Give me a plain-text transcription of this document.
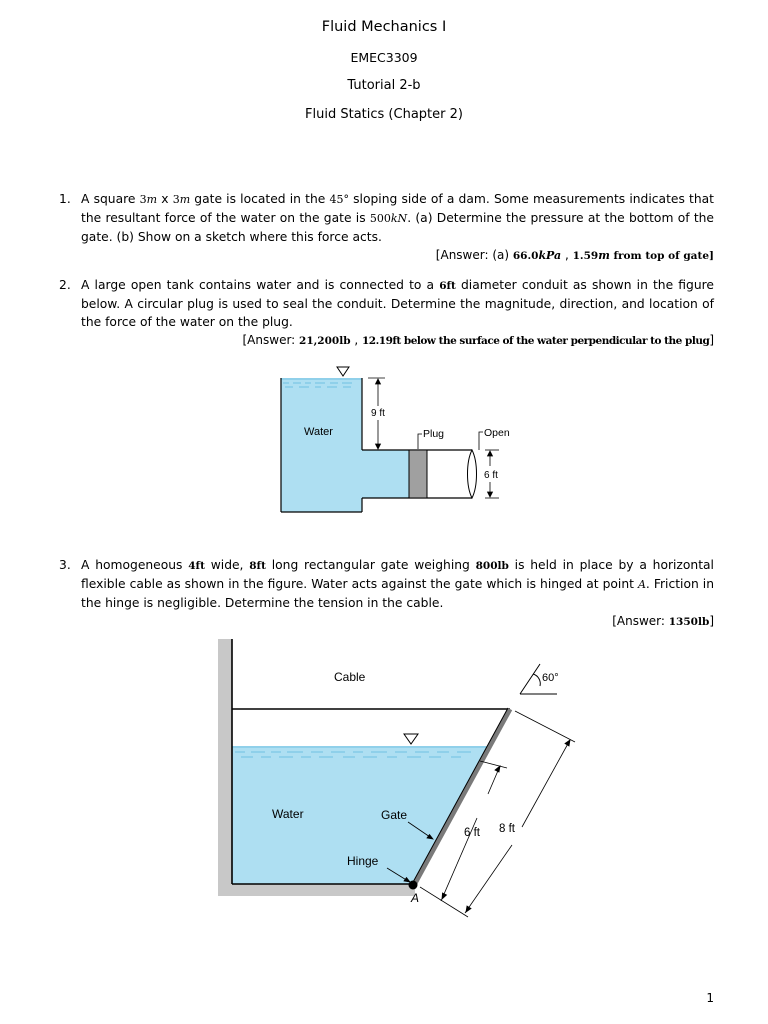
Fluid Mechanics I
EMEC3309
Tutorial 2-b
Fluid Statics (Chapter 2)
1. A square 3m x 3m gate is located in the 45° sloping side of a dam. Some measurements indicates that the resultant force of the water on the gate is 500kN. (a) Determine the pressure at the bottom of the gate. (b) Show on a sketch where this force acts.
[Answer: (a) 66.0kPa , 1.59m from top of gate]
2. A large open tank contains water and is connected to a 6ft diameter conduit as shown in the figure below. A circular plug is used to seal the conduit. Determine the magnitude, direction, and location of the force of the water on the plug.
[Answer: 21,200lb , 12.19ft below the surface of the water perpendicular to the plug]
9 ft
Water	Plug	Open
6 ft
3. A homogeneous 4ft wide, 8ft long rectangular gate weighing 800lb is held in place by a horizontal flexible cable as shown in the figure. Water acts against the gate which is hinged at point A. Friction in the hinge is negligible. Determine the tension in the cable.
[Answer: 1350lb]
60°
8 ft
6 ft
Cable
Water	Gate
Hinge
A
1
